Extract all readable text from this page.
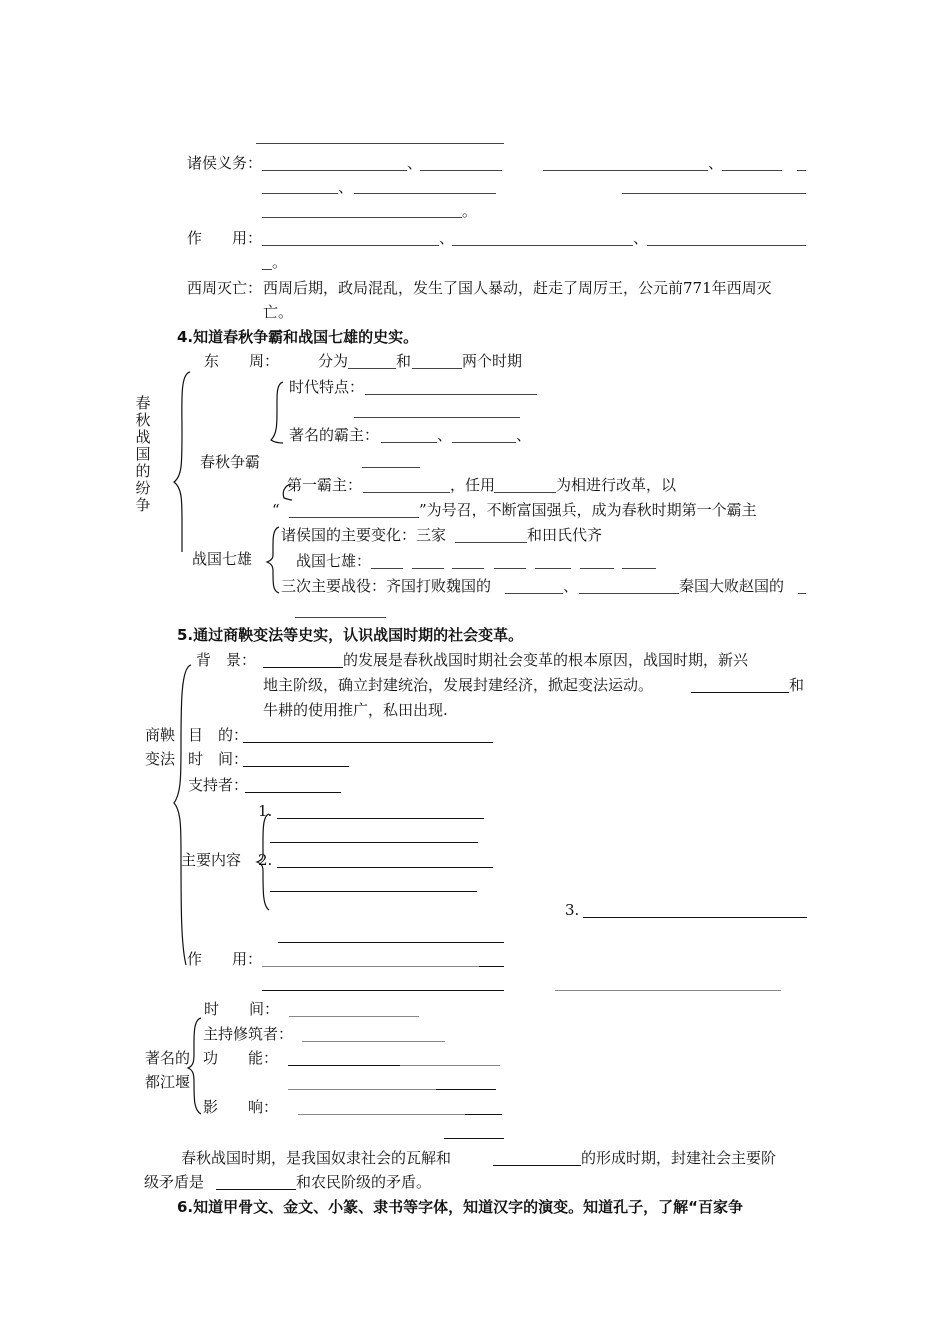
诸侯义务：	、	、
、
。
作　　用：	、	、
。
西周灭亡： 西周后期，政局混乱，发生了国人暴动，赶走了周厉王，公元前771年西周灭
亡。
4.知道春秋争霸和战国七雄的史实。
东　　周：	分为	和	两个时期
春秋战国的纷争
时代特点：
著名的霸主：	、	、
春秋争霸
第一霸主：	，任用	为相进行改革，以
“	”为号召，不断富国强兵，成为春秋时期第一个霸主
战国七雄
诸侯国的主要变化：三家	和田氏代齐
战国七雄：
三次主要战役：齐国打败魏国的	、	秦国大败赵国的
5.通过商鞅变法等史实，认识战国时期的社会变革。
背　景：	的发展是春秋战国时期社会变革的根本原因，战国时期，新兴
地主阶级，确立封建统治，发展封建经济，掀起变法运动。	和
牛耕的使用推广，私田出现.
商鞅
变法
目　的：
时　间：
支持者：
1.
主要内容 2.
3.
作　　用：
时　　间：
主持修筑者：
著名的
都江堰
功　　能：
影　　响：
春秋战国时期，是我国奴隶社会的瓦解和	的形成时期，封建社会主要阶
级矛盾是	和农民阶级的矛盾。
6.知道甲骨文、金文、小篆、隶书等字体，知道汉字的演变。知道孔子，了解“百家争
